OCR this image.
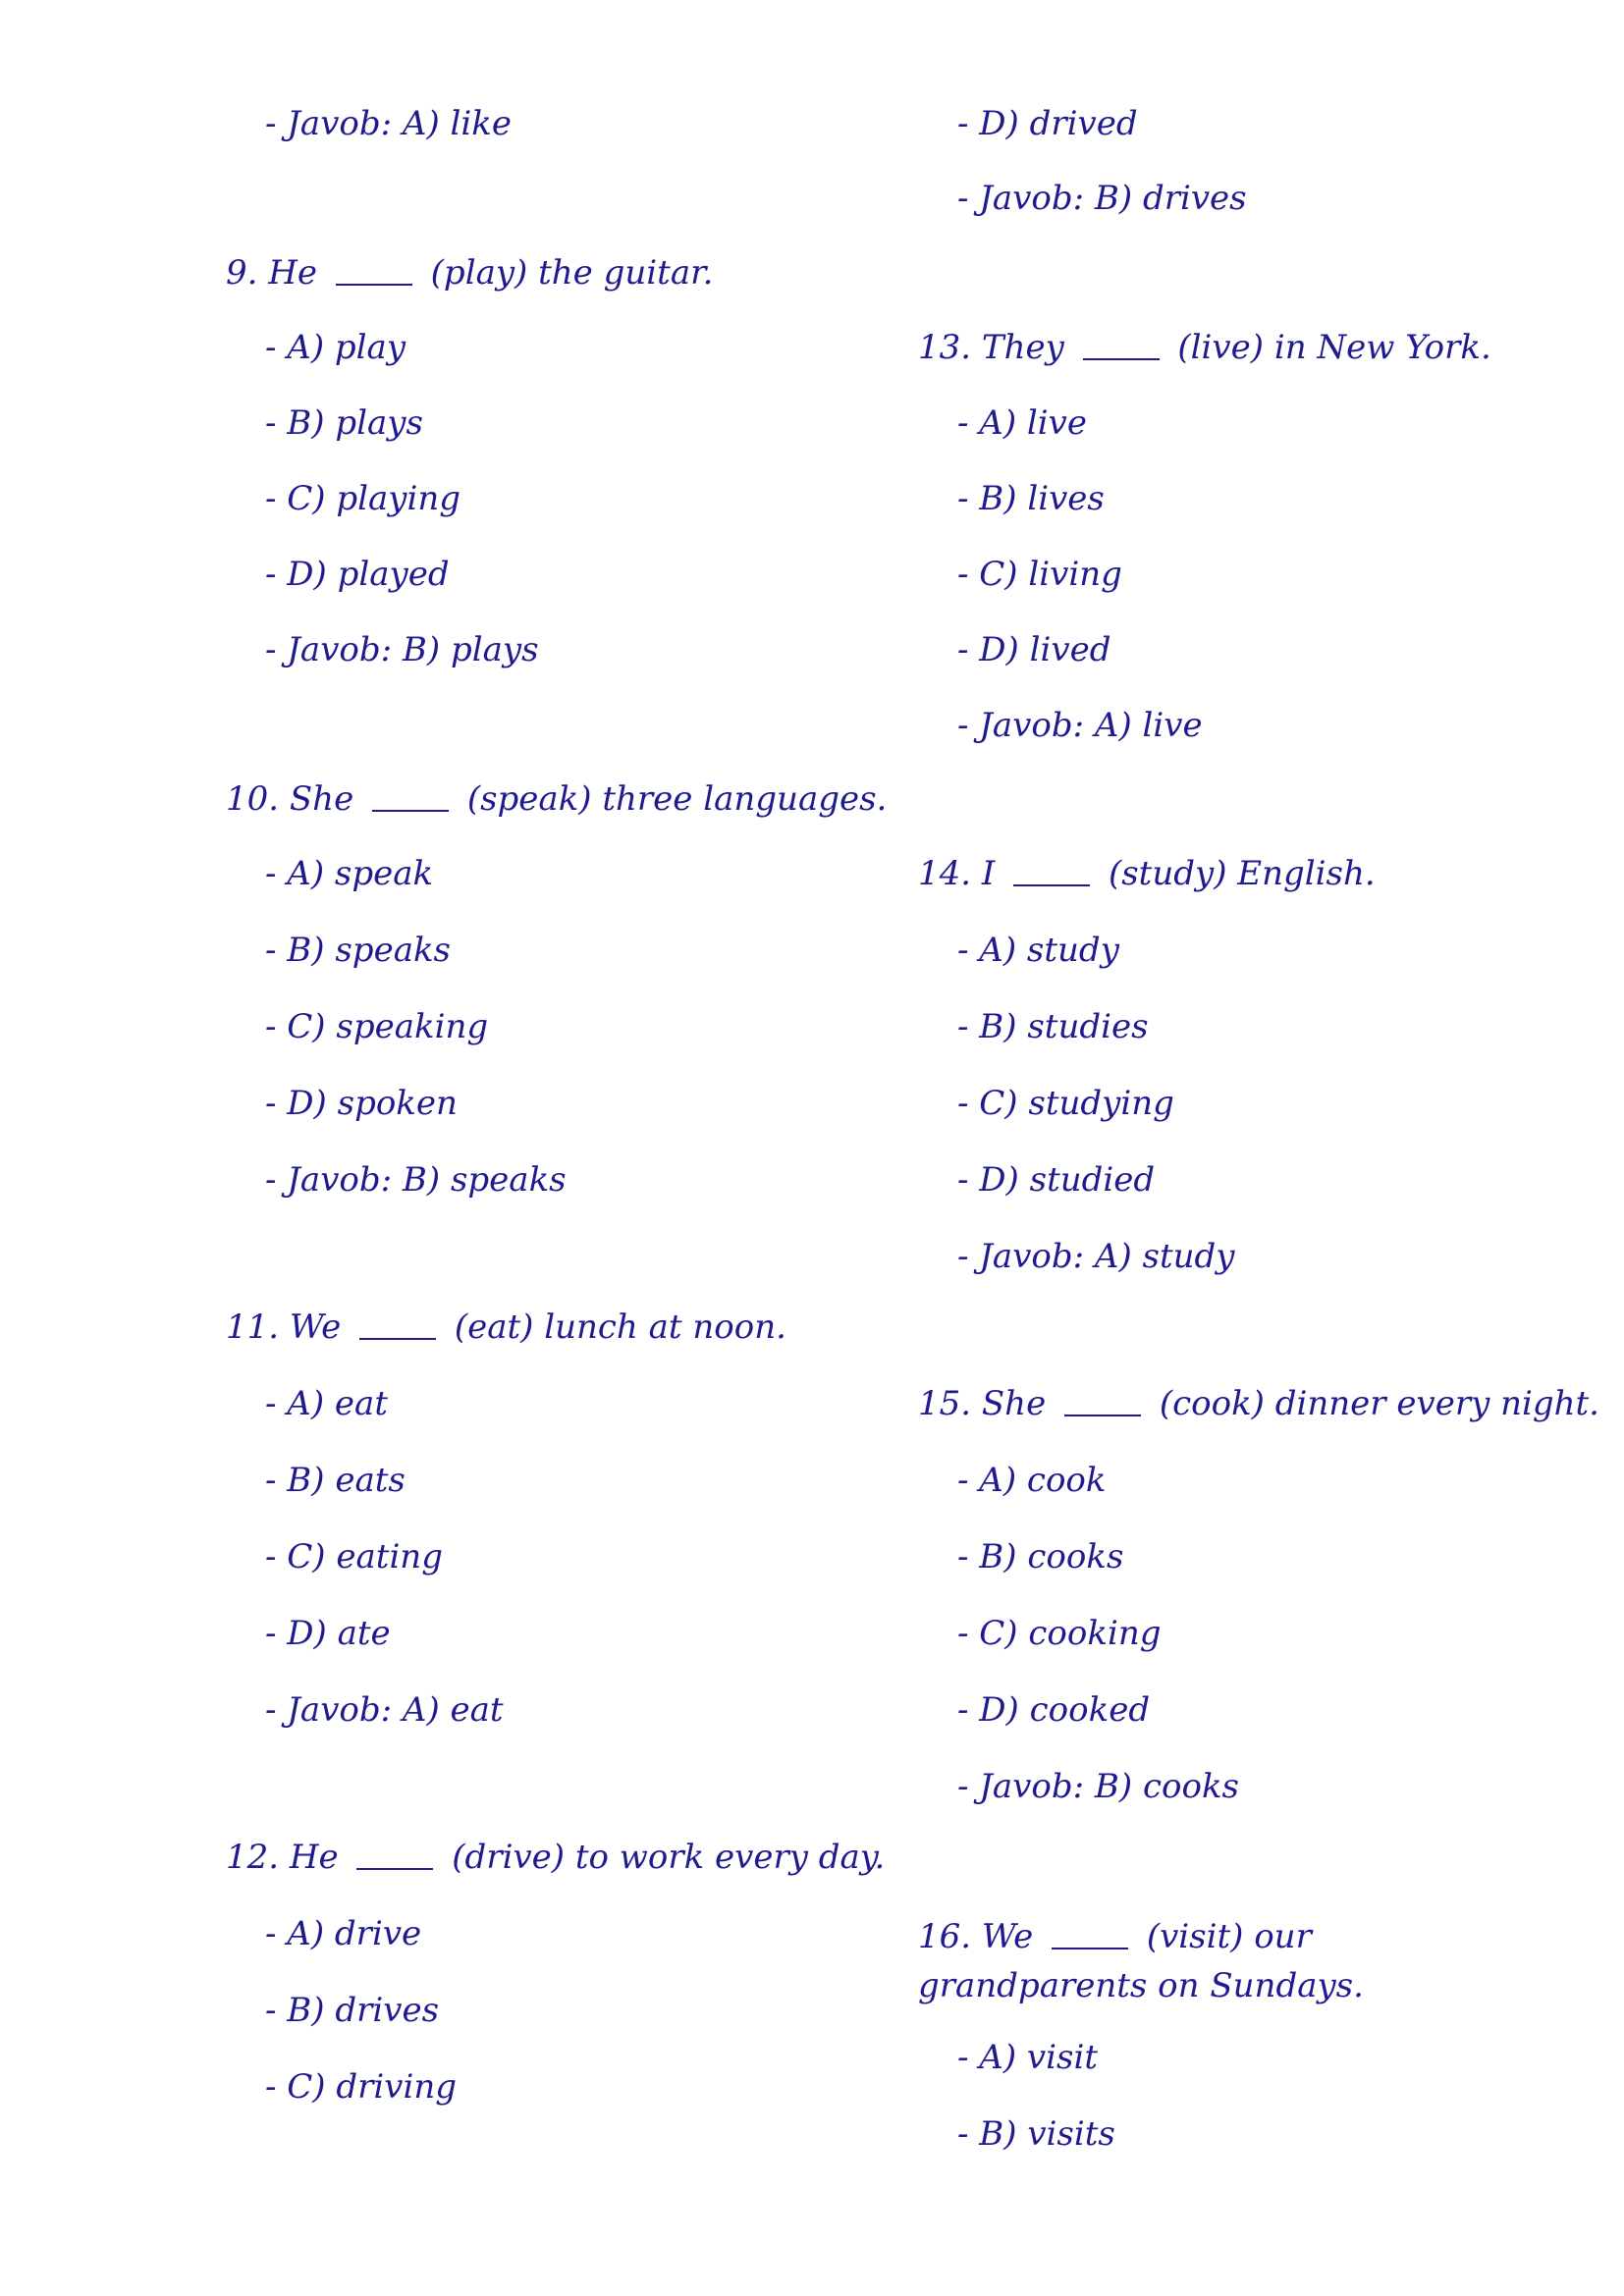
- Javob: A) like
9. He	(play) the guitar.
- A) play
- B) plays
- C) playing
- D) played
- Javob: B) plays
10. She	(speak) three languages.
- A) speak
- B) speaks
- C) speaking
- D) spoken
- Javob: B) speaks
11. We	(eat) lunch at noon.
- A) eat
- B) eats
- C) eating
- D) ate
- Javob: A) eat
12. He	(drive) to work every day.
- A) drive
- B) drives
- C) driving
- D) drived
- Javob: B) drives
13. They	(live) in New York.
- A) live
- B) lives
- C) living
- D) lived
- Javob: A) live
14. I	(study) English.
- A) study
- B) studies
- C) studying
- D) studied
- Javob: A) study
15. She	(cook) dinner every night.
- A) cook
- B) cooks
- C) cooking
- D) cooked
- Javob: B) cooks
16. We	(visit) our grandparents on Sundays.
- A) visit
- B) visits
